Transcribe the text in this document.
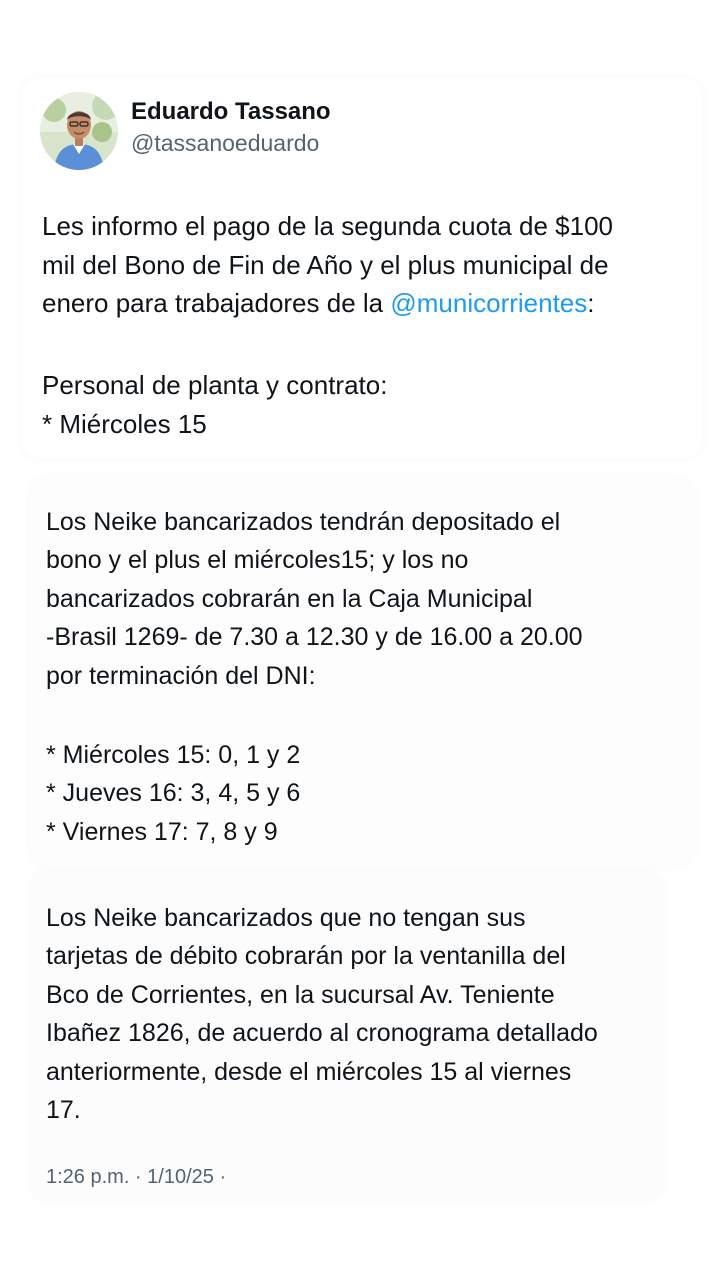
Eduardo Tassano
@tassanoeduardo
Les informo el pago de la segunda cuota de $100
mil del Bono de Fin de Año y el plus municipal de
enero para trabajadores de la @municorrientes:
Personal de planta y contrato:
* Miércoles 15
Los Neike bancarizados tendrán depositado el
bono y el plus el miércoles15; y los no
bancarizados cobrarán en la Caja Municipal
-Brasil 1269- de 7.30 a 12.30 y de 16.00 a 20.00
por terminación del DNI:
* Miércoles 15: 0, 1 y 2
* Jueves 16: 3, 4, 5 y 6
* Viernes 17: 7, 8 y 9
Los Neike bancarizados que no tengan sus
tarjetas de débito cobrarán por la ventanilla del
Bco de Corrientes, en la sucursal Av. Teniente
Ibañez 1826, de acuerdo al cronograma detallado
anteriormente, desde el miércoles 15 al viernes
17.
1:26 p.m. · 1/10/25 ·
